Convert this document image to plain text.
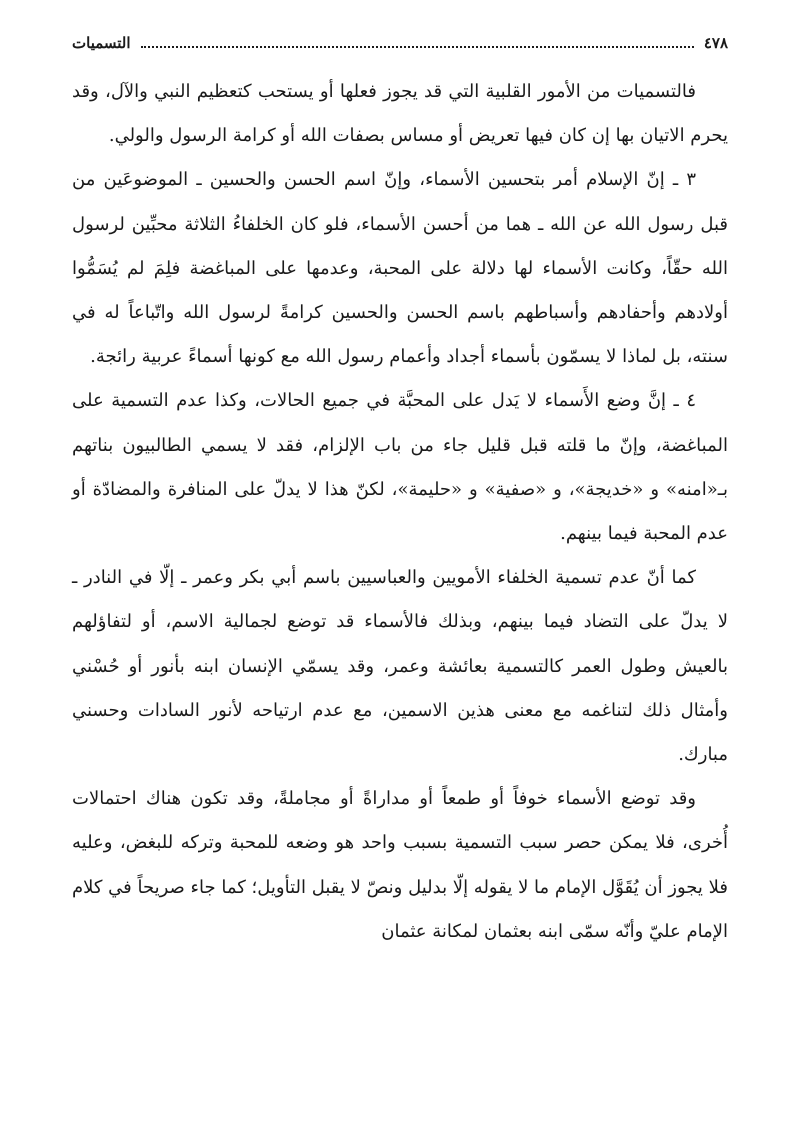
٤٧٨
التسميات

فالتسميات من الأمور القلبية التي قد يجوز فعلها أو يستحب كتعظيم النبي والآل، وقد يحرم الاتيان بها إن كان فيها تعريض أو مساس بصفات الله أو كرامة الرسول والولي.

٣ ـ إنّ الإسلام أمر بتحسين الأسماء، وإنّ اسم الحسن والحسين ـ الموضوعَين من قبل رسول الله عن الله ـ هما من أحسن الأسماء، فلو كان الخلفاءُ الثلاثة محبِّين لرسول الله حقّاً، وكانت الأسماء لها دلالة على المحبة، وعدمها على المباغضة فلِمَ لم يُسَمُّوا أولادهم وأحفادهم وأسباطهم باسم الحسن والحسين كرامةً لرسول الله واتّباعاً له في سنته، بل لماذا لا يسمّون بأسماء أجداد وأعمام رسول الله مع كونها أسماءً عربية رائجة.

٤ ـ إنَّ وضع الأَسماء لا يَدل على المحبَّة في جميع الحالات، وكذا عدم التسمية على المباغضة، وإنّ ما قلته قبل قليل جاء من باب الإلزام، فقد لا يسمي الطالبيون بناتهم بـ«امنه» و «خديجة»، و «صفية» و «حليمة»، لكنّ هذا لا يدلّ على المنافرة والمضادّة أو عدم المحبة فيما بينهم.

كما أنّ عدم تسمية الخلفاء الأمويين والعباسيين باسم أبي بكر وعمر ـ إلّا في النادر ـ لا يدلّ على التضاد فيما بينهم، وبذلك فالأسماء قد توضع لجمالية الاسم، أو لتفاؤلهم بالعيش وطول العمر كالتسمية بعائشة وعمر، وقد يسمّي الإنسان ابنه بأنور أو حُسْني وأمثال ذلك لتناغمه مع معنى هذين الاسمين، مع عدم ارتياحه لأنور السادات وحسني مبارك.

وقد توضع الأسماء خوفاً أو طمعاً أو مداراةً أو مجاملةً، وقد تكون هناك احتمالات أُخرى، فلا يمكن حصر سبب التسمية بسبب واحد هو وضعه للمحبة وتركه للبغض، وعليه فلا يجوز أن يُقَوَّل الإمام ما لا يقوله إلّا بدليل ونصّ لا يقبل التأويل؛ كما جاء صريحاً في كلام الإمام عليّ وأنّه سمّى ابنه بعثمان لمكانة عثمان
